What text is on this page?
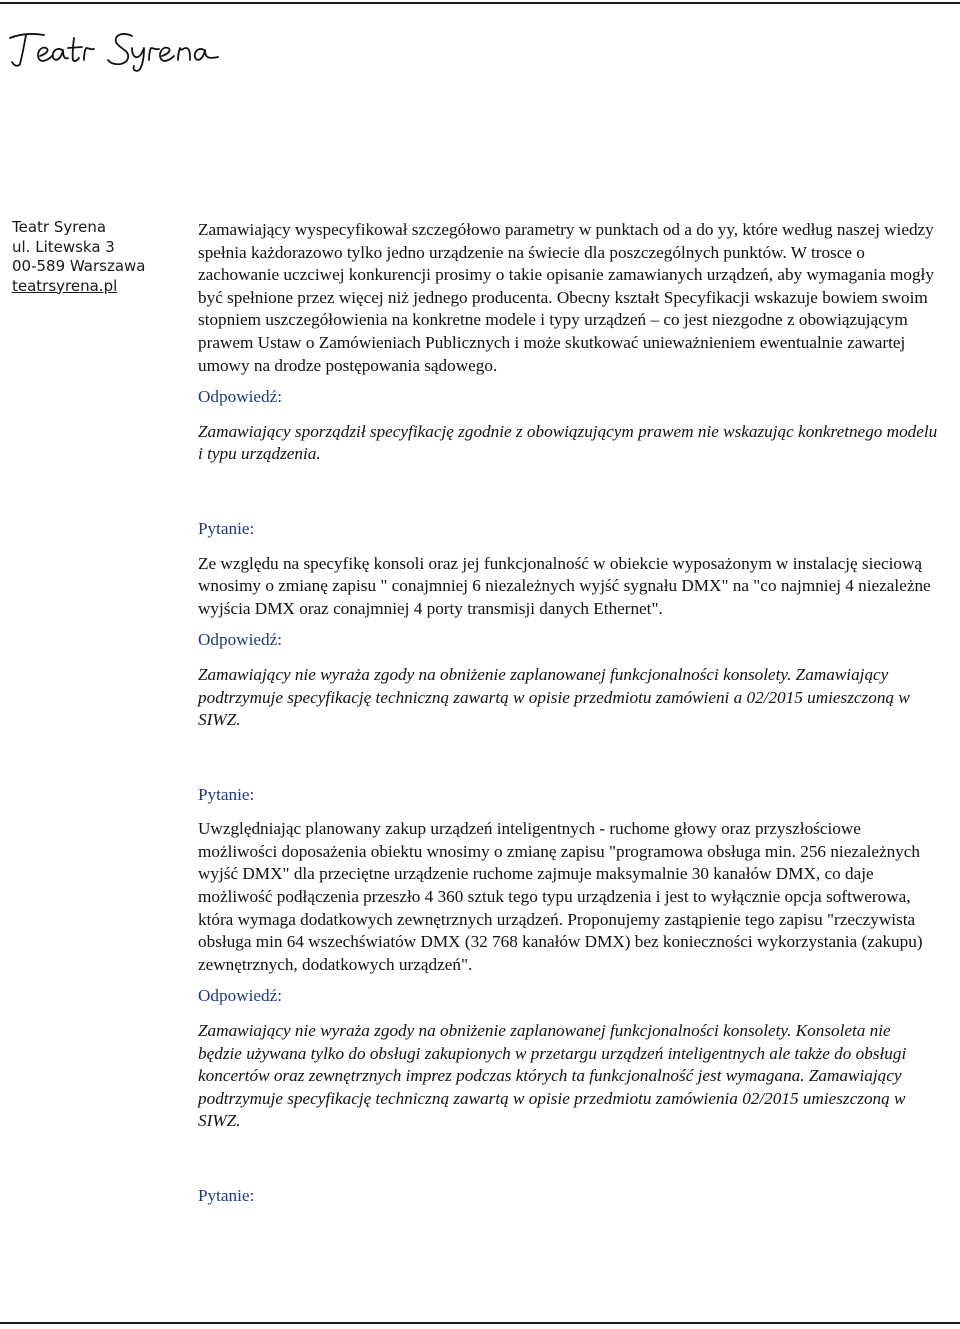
Teatr Syrena
ul. Litewska 3
00-589 Warszawa
teatrsyrena.pl

Zamawiający wyspecyfikował szczegółowo parametry w punktach od a do yy, które według naszej wiedzy spełnia każdorazowo tylko jedno urządzenie na świecie dla poszczególnych punktów. W trosce o zachowanie uczciwej konkurencji prosimy o takie opisanie zamawianych urządzeń, aby wymagania mogły być spełnione przez więcej niż jednego producenta. Obecny kształt Specyfikacji wskazuje bowiem swoim stopniem uszczegółowienia na konkretne modele i typy urządzeń – co jest niezgodne z obowiązującym prawem Ustaw o Zamówieniach Publicznych i może skutkować unieważnieniem ewentualnie zawartej umowy na drodze postępowania sądowego.

Odpowiedź:

Zamawiający sporządził specyfikację zgodnie z obowiązującym prawem nie wskazując konkretnego modelu i typu urządzenia.

Pytanie:

Ze względu na specyfikę konsoli oraz jej funkcjonalność w obiekcie wyposażonym w instalację sieciową wnosimy o zmianę zapisu " conajmniej 6 niezależnych wyjść sygnału DMX" na "co najmniej 4 niezależne wyjścia DMX oraz conajmniej 4 porty transmisji danych Ethernet".

Odpowiedź:

Zamawiający nie wyraża zgody na obniżenie zaplanowanej funkcjonalności konsolety. Zamawiający podtrzymuje specyfikację techniczną zawartą w opisie przedmiotu zamówieni a 02/2015 umieszczoną w SIWZ.

Pytanie:

Uwzględniając planowany zakup urządzeń inteligentnych - ruchome głowy oraz przyszłościowe możliwości doposażenia obiektu wnosimy o zmianę zapisu "programowa obsługa min. 256 niezależnych wyjść DMX" dla przeciętne urządzenie ruchome zajmuje maksymalnie 30 kanałów DMX, co daje możliwość podłączenia przeszło 4 360 sztuk tego typu urządzenia i jest to wyłącznie opcja softwerowa, która wymaga dodatkowych zewnętrznych urządzeń. Proponujemy zastąpienie tego zapisu "rzeczywista obsługa min 64 wszechświatów DMX (32 768 kanałów DMX) bez konieczności wykorzystania (zakupu) zewnętrznych, dodatkowych urządzeń".

Odpowiedź:

Zamawiający nie wyraża zgody na obniżenie zaplanowanej funkcjonalności konsolety. Konsoleta nie będzie używana tylko do obsługi zakupionych w przetargu urządzeń inteligentnych ale także do obsługi koncertów oraz zewnętrznych imprez podczas których ta funkcjonalność jest wymagana. Zamawiający podtrzymuje specyfikację techniczną zawartą w opisie przedmiotu zamówienia 02/2015 umieszczoną w SIWZ.

Pytanie:
